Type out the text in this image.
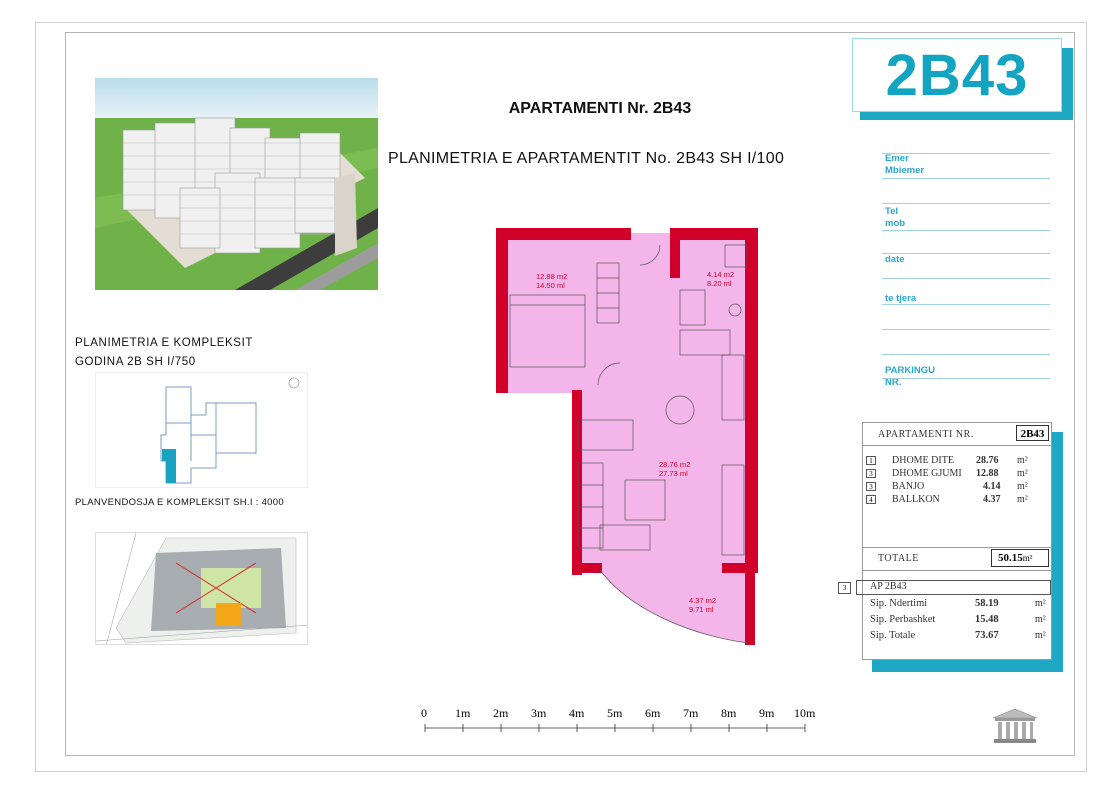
PLANIMETRIA E KOMPLEKSIT
GODINA 2B SH I/750
PLANVENDOSJA E KOMPLEKSIT SH.I : 4000
APARTAMENTI Nr. 2B43
PLANIMETRIA E APARTAMENTIT No. 2B43 SH I/100
12.88 m2
14.50 ml
4.14 m2
8.20 ml
28.76 m2
27.73 ml
4.37 m2
9.71 ml
2B43
Emer
Mbiemer
Tel
mob
date
te tjera
PARKINGU
NR.
APARTAMENTI NR.	2B43
1	DHOME DITE 28.76 m²
3	DHOME GJUMI 12.88 m²
3	BANJO	4.14 m²
4	BALLKON	4.37 m²
TOTALE	50.15m²
3	AP 2B43
Sip. Ndertimi	58.19	m²
Sip. Perbashket	15.48	m²
Sip. Totale	73.67	m²
0 1m 2m 3m 4m 5m 6m 7m 8m 9m 10m
